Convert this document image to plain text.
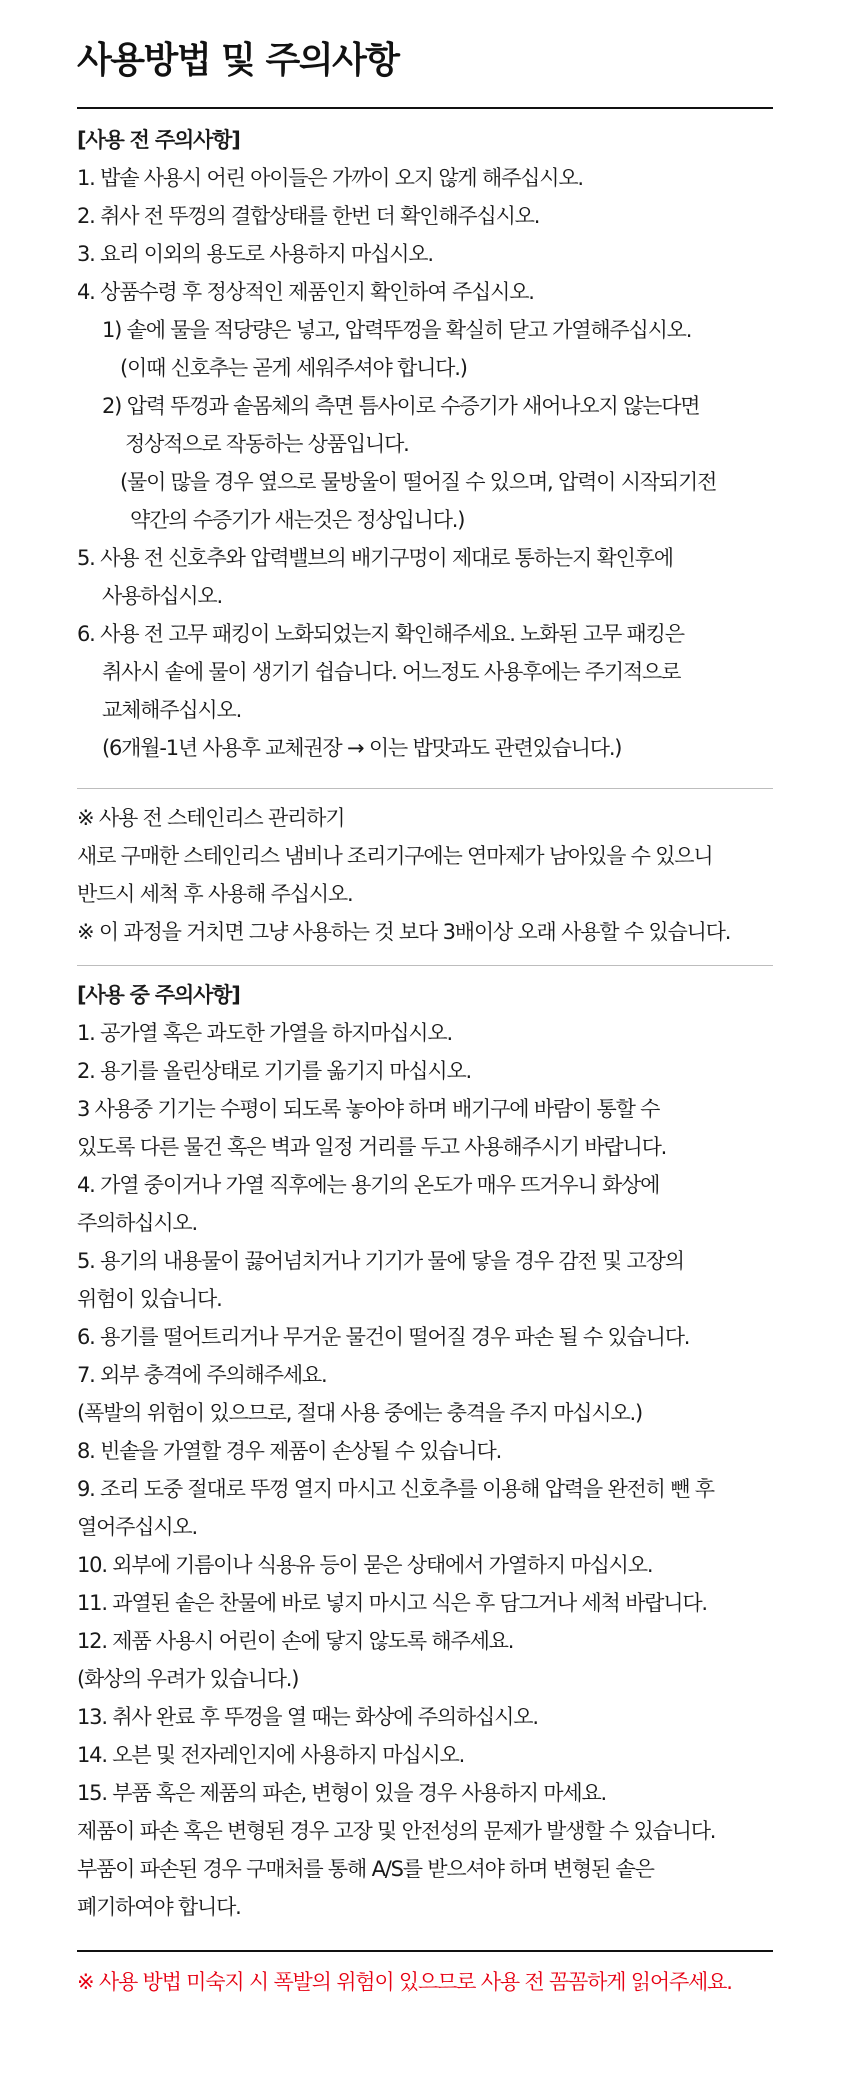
사용방법 및 주의사항
[사용 전 주의사항]
1. 밥솥 사용시 어린 아이들은 가까이 오지 않게 해주십시오.
2. 취사 전 뚜껑의 결합상태를 한번 더 확인해주십시오.
3. 요리 이외의 용도로 사용하지 마십시오.
4. 상품수령 후 정상적인 제품인지 확인하여 주십시오.
1) 솥에 물을 적당량은 넣고, 압력뚜껑을 확실히 닫고 가열해주십시오.
(이때 신호추는 곧게 세워주셔야 합니다.)
2) 압력 뚜껑과 솥몸체의 측면 틈사이로 수증기가 새어나오지 않는다면
정상적으로 작동하는 상품입니다.
(물이 많을 경우 옆으로 물방울이 떨어질 수 있으며, 압력이 시작되기전
약간의 수증기가 새는것은 정상입니다.)
5. 사용 전 신호추와 압력밸브의 배기구멍이 제대로 통하는지 확인후에
사용하십시오.
6. 사용 전 고무 패킹이 노화되었는지 확인해주세요. 노화된 고무 패킹은
취사시 솥에 물이 생기기 쉽습니다. 어느정도 사용후에는 주기적으로
교체해주십시오.
(6개월-1년 사용후 교체권장 → 이는 밥맛과도 관련있습니다.)
※ 사용 전 스테인리스 관리하기
새로 구매한 스테인리스 냄비나 조리기구에는 연마제가 남아있을 수 있으니
반드시 세척 후 사용해 주십시오.
※ 이 과정을 거치면 그냥 사용하는 것 보다 3배이상 오래 사용할 수 있습니다.
[사용 중 주의사항]
1. 공가열 혹은 과도한 가열을 하지마십시오.
2. 용기를 올린상태로 기기를 옮기지 마십시오.
3 사용중 기기는 수평이 되도록 놓아야 하며 배기구에 바람이 통할 수
있도록 다른 물건 혹은 벽과 일정 거리를 두고 사용해주시기 바랍니다.
4. 가열 중이거나 가열 직후에는 용기의 온도가 매우 뜨거우니 화상에
주의하십시오.
5. 용기의 내용물이 끓어넘치거나 기기가 물에 닿을 경우 감전 및 고장의
위험이 있습니다.
6. 용기를 떨어트리거나 무거운 물건이 떨어질 경우 파손 될 수 있습니다.
7. 외부 충격에 주의해주세요.
(폭발의 위험이 있으므로, 절대 사용 중에는 충격을 주지 마십시오.)
8. 빈솥을 가열할 경우 제품이 손상될 수 있습니다.
9. 조리 도중 절대로 뚜껑 열지 마시고 신호추를 이용해 압력을 완전히 뺀 후
열어주십시오.
10. 외부에 기름이나 식용유 등이 묻은 상태에서 가열하지 마십시오.
11. 과열된 솥은 찬물에 바로 넣지 마시고 식은 후 담그거나 세척 바랍니다.
12. 제품 사용시 어린이 손에 닿지 않도록 해주세요.
(화상의 우려가 있습니다.)
13. 취사 완료 후 뚜껑을 열 때는 화상에 주의하십시오.
14. 오븐 및 전자레인지에 사용하지 마십시오.
15. 부품 혹은 제품의 파손, 변형이 있을 경우 사용하지 마세요.
제품이 파손 혹은 변형된 경우 고장 및 안전성의 문제가 발생할 수 있습니다.
부품이 파손된 경우 구매처를 통해 A/S를 받으셔야 하며 변형된 솥은
폐기하여야 합니다.
※ 사용 방법 미숙지 시 폭발의 위험이 있으므로 사용 전 꼼꼼하게 읽어주세요.
